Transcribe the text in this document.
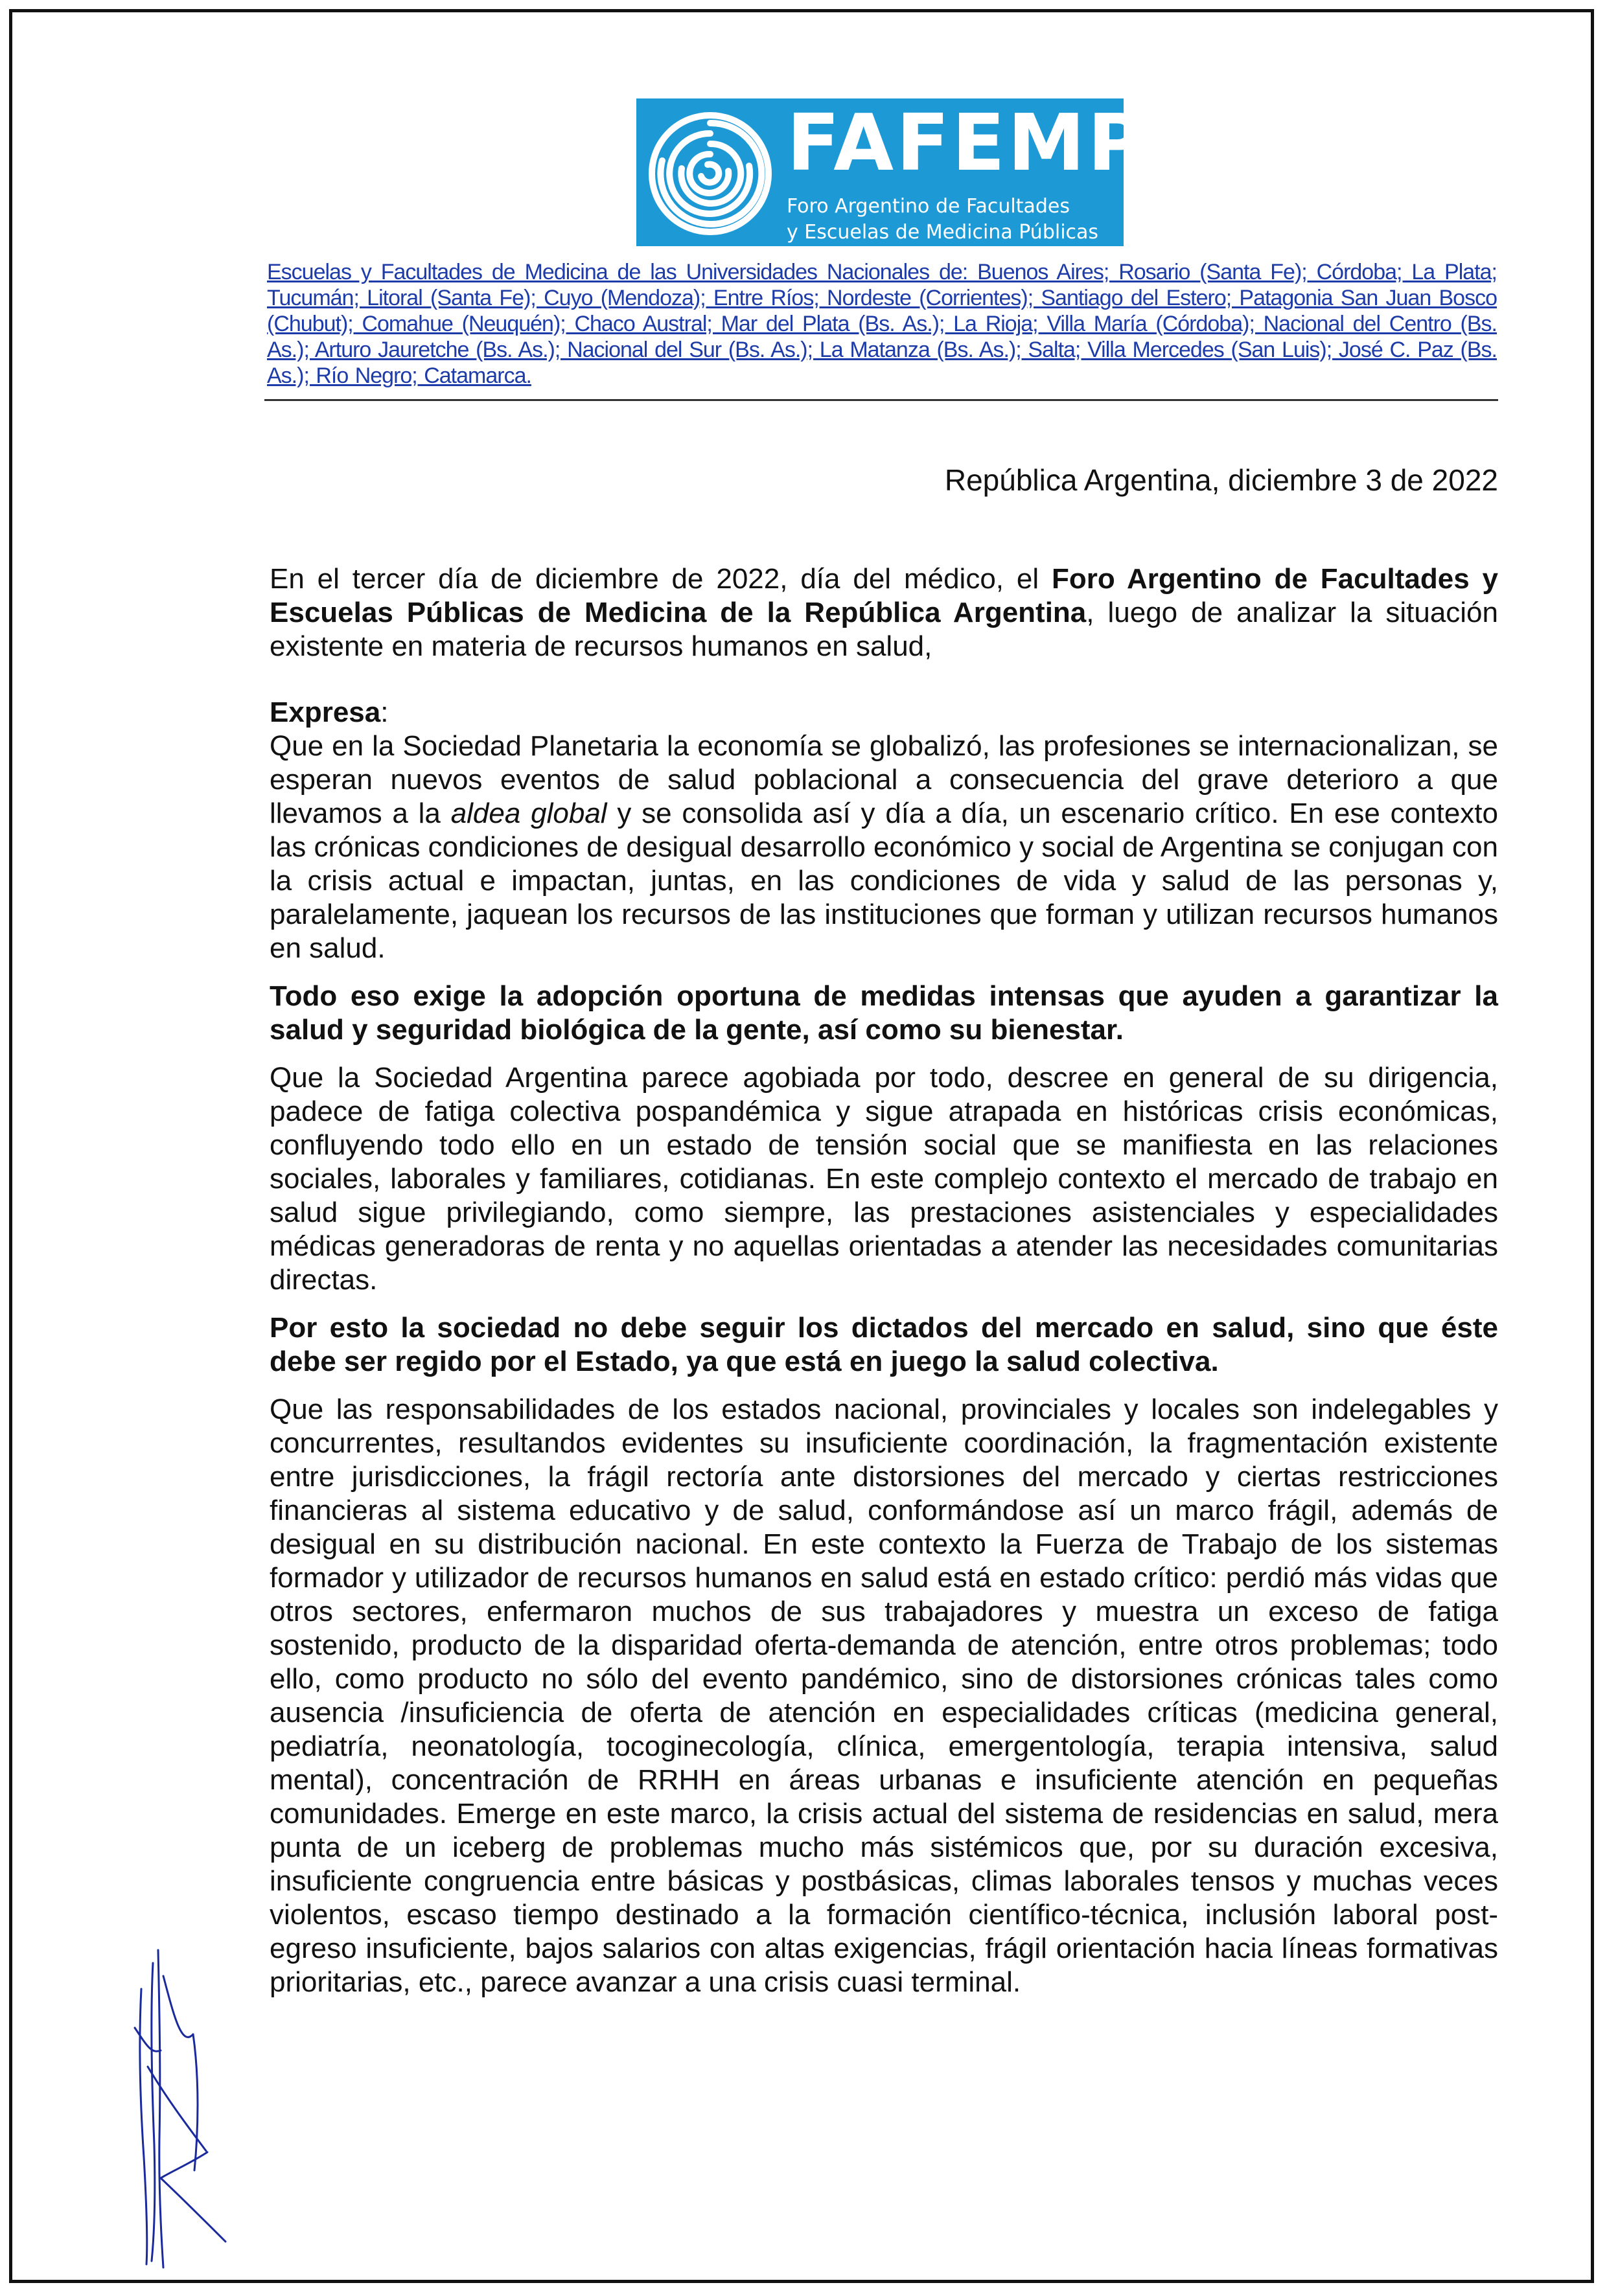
FAFEMP
Foro Argentino de Facultades
y Escuelas de Medicina Públicas
Escuelas y Facultades de Medicina de las Universidades Nacionales de: Buenos Aires; Rosario (Santa Fe); Córdoba; La Plata; Tucumán; Litoral (Santa Fe); Cuyo (Mendoza); Entre Ríos; Nordeste (Corrientes); Santiago del Estero; Patagonia San Juan Bosco (Chubut); Comahue (Neuquén); Chaco Austral; Mar del Plata (Bs. As.); La Rioja; Villa María (Córdoba); Nacional del Centro (Bs. As.); Arturo Jauretche (Bs. As.); Nacional del Sur (Bs. As.); La Matanza (Bs. As.); Salta; Villa Mercedes (San Luis); José C. Paz (Bs. As.); Río Negro; Catamarca.
República Argentina, diciembre 3 de 2022

En el tercer día de diciembre de 2022, día del médico, el Foro Argentino de Facultades y Escuelas Públicas de Medicina de la República Argentina, luego de analizar la situación existente en materia de recursos humanos en salud,

Expresa:

Que en la Sociedad Planetaria la economía se globalizó, las profesiones se internacionalizan, se esperan nuevos eventos de salud poblacional a consecuencia del grave deterioro a que llevamos a la aldea global y se consolida así y día a día, un escenario crítico. En ese contexto las crónicas condiciones de desigual desarrollo económico y social de Argentina se conjugan con la crisis actual e impactan, juntas, en las condiciones de vida y salud de las personas y, paralelamente, jaquean los recursos de las instituciones que forman y utilizan recursos humanos en salud.

Todo eso exige la adopción oportuna de medidas intensas que ayuden a garantizar la salud y seguridad biológica de la gente, así como su bienestar.

Que la Sociedad Argentina parece agobiada por todo, descree en general de su dirigencia, padece de fatiga colectiva pospandémica y sigue atrapada en históricas crisis económicas, confluyendo todo ello en un estado de tensión social que se manifiesta en las relaciones sociales, laborales y familiares, cotidianas. En este complejo contexto el mercado de trabajo en salud sigue privilegiando, como siempre, las prestaciones asistenciales y especialidades médicas generadoras de renta y no aquellas orientadas a atender las necesidades comunitarias directas.

Por esto la sociedad no debe seguir los dictados del mercado en salud, sino que éste debe ser regido por el Estado, ya que está en juego la salud colectiva.

Que las responsabilidades de los estados nacional, provinciales y locales son indelegables y concurrentes, resultandos evidentes su insuficiente coordinación, la fragmentación existente entre jurisdicciones, la frágil rectoría ante distorsiones del mercado y ciertas restricciones financieras al sistema educativo y de salud, conformándose así un marco frágil, además de desigual en su distribución nacional. En este contexto la Fuerza de Trabajo de los sistemas formador y utilizador de recursos humanos en salud está en estado crítico: perdió más vidas que otros sectores, enfermaron muchos de sus trabajadores y muestra un exceso de fatiga sostenido, producto de la disparidad oferta-demanda de atención, entre otros problemas; todo ello, como producto no sólo del evento pandémico, sino de distorsiones crónicas tales como ausencia /insuficiencia de oferta de atención en especialidades críticas (medicina general, pediatría, neonatología, tocoginecología, clínica, emergentología, terapia intensiva, salud mental), concentración de RRHH en áreas urbanas e insuficiente atención en pequeñas comunidades. Emerge en este marco, la crisis actual del sistema de residencias en salud, mera punta de un iceberg de problemas mucho más sistémicos que, por su duración excesiva, insuficiente congruencia entre básicas y postbásicas, climas laborales tensos y muchas veces violentos, escaso tiempo destinado a la formación científico-técnica, inclusión laboral post-egreso insuficiente, bajos salarios con altas exigencias, frágil orientación hacia líneas formativas prioritarias, etc., parece avanzar a una crisis cuasi terminal.
